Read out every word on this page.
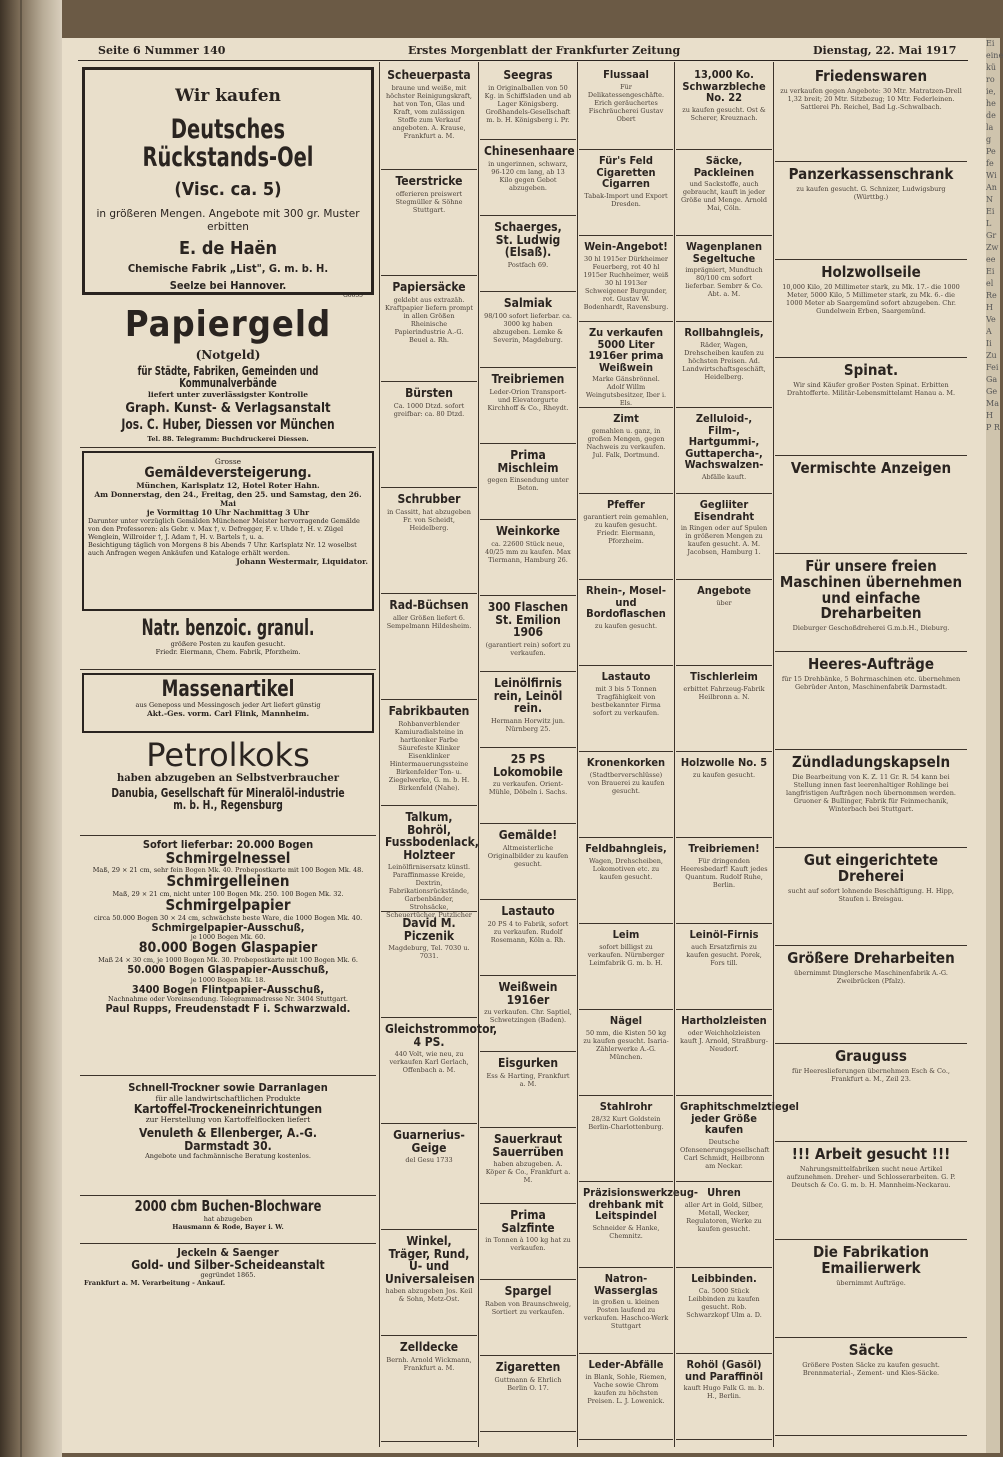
Ei eine kü ro ie, he de la g Pe fe Wi An N Ei L Gr Zw ee Ei el Re H Ve A Ii Zu Fei Ga Ge Ma H P R
Seite 6 Nummer 140	Erstes Morgenblatt der Frankfurter Zeitung	Dienstag, 22. Mai 1917
Wir kaufen
Deutsches Rückstands-Oel
(Visc. ca. 5)
in größeren Mengen. Angebote mit 300 gr. Muster erbitten
E. de Haën
Chemische Fabrik „List", G. m. b. H.
Seelze bei Hannover.
G6655
Papiergeld
(Notgeld)
für Städte, Fabriken, Gemeinden und Kommunalverbände
liefert unter zuverlässigster Kontrolle
Graph. Kunst- & Verlagsanstalt
Jos. C. Huber, Diessen vor München
Tel. 88. Telegramm: Buchdruckerei Diessen.
Grosse
Gemäldeversteigerung.
München, Karlsplatz 12, Hotel Roter Hahn.
Am Donnerstag, den 24., Freitag, den 25. und Samstag, den 26. Mai
je Vormittag 10 Uhr Nachmittag 3 Uhr
Darunter unter vorzüglich Gemälden Münchener Meister hervorragende Gemälde von den Professoren: als Gebr. v. Max †, v. Defregger, F. v. Uhde †, H. v. Zügel Wenglein, Willroider †, J. Adam †, H. v. Bartels †, u. a.
Besichtigung täglich von Morgens 8 bis Abends 7 Uhr. Karlsplatz Nr. 12 woselbst auch Anfragen wegen Ankäufen und Kataloge erhält werden.
Johann Westermair, Liquidator.
Natr. benzoic. granul.
größere Posten zu kaufen gesucht.
Friedr. Eiermann, Chem. Fabrik, Pforzheim.
Massenartikel
aus Geneposs und Messingosch jeder Art liefert günstig
Akt.-Ges. vorm. Carl Flink, Mannheim.
Petrolkoks
haben abzugeben an Selbstverbraucher
Danubia, Gesellschaft für Mineralöl-industrie m. b. H., Regensburg
Sofort lieferbar: 20.000 Bogen
Schmirgelnessel
Maß, 29 × 21 cm, sehr fein Bogen Mk. 40. Probepostkarte mit 100 Bogen Mk. 48.
Schmirgelleinen
Maß, 29 × 21 cm, nicht unter 100 Bogen Mk. 250. 100 Bogen Mk. 32.
Schmirgelpapier
circa 50.000 Bogen 30 × 24 cm, schwächste beste Ware, die 1000 Bogen Mk. 40.
Schmirgelpapier-Ausschuß,
je 1000 Bogen Mk. 60.
80.000 Bogen Glaspapier
Maß 24 × 30 cm, je 1000 Bogen Mk. 30. Probepostkarte mit 100 Bogen Mk. 6.
50.000 Bogen Glaspapier-Ausschuß,
je 1000 Bogen Mk. 18.
3400 Bogen Flintpapier-Ausschuß,
Nachnahme oder Voreinsendung. Telegrammadresse Nr. 3404 Stuttgart.
Paul Rupps, Freudenstadt F i. Schwarzwald.
Schnell-Trockner sowie Darranlagen
für alle landwirtschaftlichen Produkte
Kartoffel-Trockeneinrichtungen
zur Herstellung von Kartoffelflocken liefert
Venuleth & Ellenberger, A.-G.
Darmstadt 30.
Angebote und fachmännische Beratung kostenlos.
2000 cbm Buchen-Blochware
hat abzugeben
Hausmann & Rode, Bayer i. W.
Jeckeln & Saenger
Gold- und Silber-Scheideanstalt
gegründet 1865.
Frankfurt a. M. Verarbeitung - Ankauf.
Scheuerpasta
braune und weiße, mit höchster Reinigungskraft, hat von Ton, Glas und Kraft, vom zulässigen Stoffe zum Verkauf angeboten. A. Krause, Frankfurt a. M.
Teerstricke
offerieren preiswert Stegmüller & Söhne Stuttgart.
Papiersäcke
geklebt aus extrazäh. Kraftpapier liefern prompt in allen Größen Rheinische Papierindustrie A.-G. Beuel a. Rh.
Bürsten
Ca. 1000 Dtzd. sofort greifbar: ca. 80 Dtzd.
Schrubber
in Cassitt, hat abzugeben Fr. von Scheidt, Heidelberg.
Rad-Büchsen
aller Größen liefert 6. Sempelmann Hildesheim.
Fabrikbauten
Rohbanverblender Kamiuradialsteine in hartkonker Farbe Säurefeste Klinker Eisenklinker Hintermauerungssteine Birkenfelder Ton- u. Ziegelwerke, G. m. b. H. Birkenfeld (Nahe).
Talkum, Bohröl, Fussbodenlack, Holzteer
Leinölfirnisersatz künstl. Paraffinmasse Kreide, Dextrin, Fabrikationsrückstände, Garbenbänder, Strohsäcke, Scheuertücher, Putzlicher
David M. Piczenik
Magdeburg, Tel. 7030 u. 7031.
Gleichstrommotor, 4 PS.
440 Volt, wie neu, zu verkaufen Karl Gerlach, Offenbach a. M.
Guarnerius-Geige
del Gesu 1733
Winkel, Träger, Rund, U- und Universaleisen
haben abzugeben Jos. Keil & Sohn, Metz-Ost.
Zelldecke
Bernh. Arnold Wickmann, Frankfurt a. M.
Seegras
in Originalballen von 50 Kg. in Schiffsladen und ab Lager Königsberg. Großhandels-Gesellschaft m. b. H. Königsberg i. Pr.
Chinesenhaare
in ungerinnen, schwarz, 96-120 cm lang, ab 13 Kilo gegen Gebot abzugeben.
Schaerges, St. Ludwig (Elsaß).
Postfach 69.
Salmiak
98/100 sofort lieferbar. ca. 3000 kg haben abzugeben. Lemke & Severin, Magdeburg.
Treibriemen
Leder-Orion Transport- und Elevatorgurte Kirchhoff & Co., Rheydt.
Prima Mischleim
gegen Einsendung unter Beton.
Weinkorke
ca. 22600 Stück neue, 40/25 mm zu kaufen. Max Tiermann, Hamburg 26.
300 Flaschen St. Emilion 1906
(garantiert rein) sofort zu verkaufen.
Leinölfirnis rein, Leinöl rein.
Hermann Horwitz jun. Nürnberg 25.
25 PS Lokomobile
zu verkaufen. Orient-Mühle, Döbeln i. Sachs.
Gemälde!
Altmeisterliche Originalbilder zu kaufen gesucht.
Lastauto
20 PS 4 to Fabrik, sofort zu verkaufen. Rudolf Rosemann, Köln a. Rh.
Weißwein 1916er
zu verkaufen. Chr. Saptiel, Schwetzingen (Baden).
Eisgurken
Ess & Harting, Frankfurt a. M.
Sauerkraut Sauerrüben
haben abzugeben. A. Köper & Co., Frankfurt a. M.
Prima Salzfinte
in Tonnen à 100 kg hat zu verkaufen.
Spargel
Raben von Braunschweig, Sortiert zu verkaufen.
Zigaretten
Guttmann & Ehrlich Berlin O. 17.
Flussaal
Für Delikatessengeschäfte. Erich geräuchertes Fischräucherei Gustav Obert
Für's Feld Cigaretten Cigarren
Tabak-Import und Export Dresden.
Wein-Angebot!
30 hl 1915er Dürkheimer Feuerberg, rot 40 hl 1915er Ruchheimer, weiß 30 hl 1913er Schweigener Burgunder, rot. Gustav W. Bodenhardt, Ravensburg.
Zu verkaufen 5000 Liter 1916er prima Weißwein
Marke Gänsbrönnel. Adolf Willm Weingutsbesitzer, Iber i. Els.
Zimt
gemahlen u. ganz, in großen Mengen, gegen Nachweis zu verkaufen. Jul. Falk, Dortmund.
Pfeffer
garantiert rein gemahlen, zu kaufen gesucht. Friedr. Eiermann, Pforzheim.
Rhein-, Mosel- und Bordoflaschen
zu kaufen gesucht.
Lastauto
mit 3 bis 5 Tonnen Tragfähigkeit von bestbekannter Firma sofort zu verkaufen.
Kronenkorken
(Stadtberverschlüsse) von Brauerei zu kaufen gesucht.
Feldbahngleis,
Wagen, Drehscheiben, Lokomotiven etc. zu kaufen gesucht.
Leim
sofort billigst zu verkaufen. Nürnberger Leimfabrik G. m. b. H.
Nägel
50 mm, die Kisten 50 kg zu kaufen gesucht. Isaria-Zählerwerke A.-G. München.
Stahlrohr
28/32 Kurt Goldstein Berlin-Charlottenburg.
Präzisionswerkzeug-drehbank mit Leitspindel
Schneider & Hanke, Chemnitz.
Natron-Wasserglas
in großen u. kleinen Posten laufend zu verkaufen. Haschco-Werk Stuttgart
Leder-Abfälle
in Blank, Sohle, Riemen, Vache sowie Chrom kaufen zu höchsten Preisen. L. J. Lowenick.
13,000 Ko. Schwarzbleche No. 22
zu kaufen gesucht. Ost & Scherer, Kreuznach.
Säcke, Packleinen
und Sackstoffe, auch gebraucht, kauft in jeder Größe und Menge. Arnold Mai, Cöln.
Wagenplanen Segeltuche
imprägniert, Mundtuch 80/100 cm sofort lieferbar. Sembrr & Co. Abt. a. M.
Rollbahngleis,
Räder, Wagen, Drehscheiben kaufen zu höchsten Preisen. Ad. Landwirtschaftsgeschäft, Heidelberg.
Zelluloid-, Film-, Hartgummi-, Guttapercha-, Wachswalzen-
Abfälle kauft.
Gegliiter Eisendraht
in Ringen oder auf Spulen in größeren Mengen zu kaufen gesucht. A. M. Jacobsen, Hamburg 1.
Angebote
über
Tischlerleim
erbittet Fahrzeug-Fabrik Heilbronn a. N.
Holzwolle No. 5
zu kaufen gesucht.
Treibriemen!
Für dringenden Heeresbedarf! Kauft jedes Quantum. Rudolf Ruhe, Berlin.
Leinöl-Firnis
auch Ersatzfirnis zu kaufen gesucht. Porek, Fors till.
Hartholzleisten
oder Weichholzleisten kauft J. Arnold, Straßburg-Neudorf.
Graphitschmelztiegel jeder Größe kaufen
Deutsche Ofensenerungsgesellschaft Carl Schmidt, Heilbronn am Neckar.
Uhren
aller Art in Gold, Silber, Metall, Wecker, Regulatoren, Werke zu kaufen gesucht.
Leibbinden.
Ca. 5000 Stück Leibbinden zu kaufen gesucht. Rob. Schwarzkopf Ulm a. D.
Rohöl (Gasöl) und Paraffinöl
kauft Hugo Falk G. m. b. H., Berlin.
Friedenswaren
zu verkaufen gegen Angebote: 30 Mtr. Matratzen-Drell 1,32 breit; 20 Mtr. Sitzbezug; 10 Mtr. Federleinen. Sattlerei Ph. Reichel, Bad Lg.-Schwalbach.
Panzerkassenschrank
zu kaufen gesucht. G. Schnizer, Ludwigsburg (Württbg.)
Holzwollseile
10,000 Kilo, 20 Millimeter stark, zu Mk. 17.- die 1000 Meter, 5000 Kilo, 5 Millimeter stark, zu Mk. 6.- die 1000 Meter ab Saargemünd sofort abzugeben. Chr. Gundelwein Erben, Saargemünd.
Spinat.
Wir sind Käufer großer Posten Spinat. Erbitten Drahtofferte. Militär-Lebensmittelamt Hanau a. M.
Vermischte Anzeigen
Für unsere freien Maschinen übernehmen und einfache Dreharbeiten
Dieburger Geschoßdreherei G.m.b.H., Dieburg.
Heeres-Aufträge
für 15 Drehbänke, 5 Bohrmaschinen etc. übernehmen Gebrüder Anton, Maschinenfabrik Darmstadt.
Zündladungskapseln
Die Bearbeitung von K. Z. 11 Gr. R. 54 kann bei Stellung innen fast leerenhaltiger Rohlinge bei langfristigen Aufträgen noch übernommen werden. Gruoner & Bullinger, Fabrik für Feinmechanik, Winterbach bei Stuttgart.
Gut eingerichtete Dreherei
sucht auf sofort lohnende Beschäftigung. H. Hipp, Staufen i. Breisgau.
Größere Dreharbeiten
übernimmt Dinglersche Maschinenfabrik A.-G. Zweibrücken (Pfalz).
Grauguss
für Heereslieferungen übernehmen Esch & Co., Frankfurt a. M., Zeil 23.
!!! Arbeit gesucht !!!
Nahrungsmittelfabriken sucht neue Artikel aufzunehmen. Dreher- und Schlosserarbeiten. G. P. Deutsch & Co. G. m. b. H. Mannheim-Neckarau.
Die Fabrikation Emailierwerk
übernimmt Aufträge.
Säcke
Größere Posten Säcke zu kaufen gesucht. Brennmaterial-, Zement- und Kies-Säcke.
